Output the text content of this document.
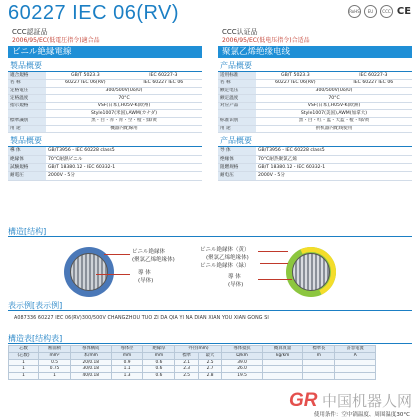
60227 IEC 06(RV)	RoHS	EU	CCC CE
CCC認証品
2006/95/EC(低電圧指令)適合品
ビニル絶縁電線
製品概要
適合規格	GB/T 5023.3	IEC 60227-3
名 称	60227 IEC 06(RV)	IEC 60227 IEC 06
定格電圧	300/500V(Uo/U)	
定格温度	70°C	
指示規格	VSF(日本),H05V-K(欧州)	
	Style1007(米国),AWM(カナダ)	
標準識別	黒・白・赤・青・空・橙・緑/黄	
用 途	機器内配線用	
製品概要
導 体	GB/T3956・IEC 60228 class5
絶縁体	70°C耐熱ビニル
試験規格	GB/T 18380.12・IEC 60332-1
耐電圧	2000V・5分
CCC认证品
2006/95/EC(低电压指令)合适品
聚氯乙烯绝缘电线
产品概要
适用标准	GB/T 5023.3	IEC 60227-3
名 称	60227 IEC 06(RV)	IEC 60227 IEC 06
额定电压	300/500V(Uo/U)	
额定温度	70°C	
对应产品	VSF(日本),H05V-K(欧洲)	
	Style1007(美国),AWM(加拿大)	
标准识别	黑・白・红・蓝・天蓝・橙・绿/黄	
用 途	供机器内配线使用	
产品概要
导 体	GB/T3956・IEC 60228 class5
绝缘体	70°C耐热聚氯乙烯
阻燃规格	GB/T 18380.12・IEC 60332-1
耐电压	2000V・5分
構造[结构]
ビニル絶縁体
(聚氯乙烯绝缘体)
導 体
(导体)
ビニル絶縁体（黄）
(聚氯乙烯绝缘体)
ビニル絶縁体（緑）
導 体
(导体)
表示例[表示例]
A087336 60227 IEC 06(RV)300/500V CHANGZHOU TUO ZI DA QIA YI NA DIAN XIAN YOU XIAN GONG SI
構造表[结构表]
芯数	断面積	導体構成	導体径	絶縁厚	外径(mm)		導体抵抗	概算質量	標準長	許容電流
(芯数)	mm²	本/mm	mm	mm	標準	最大	Ω/km	kg/km	m	A
1	0.5	20/0.18	0.9	0.6	2.1	2.5	39.0			
1	0.75	30/0.18	1.1	0.6	2.3	2.7	26.0			
1	1	40/0.18	1.3	0.6	2.5	2.8	19.5			
GR 中国机器人网
使用条件：空中锅温度、周围温度30°C
